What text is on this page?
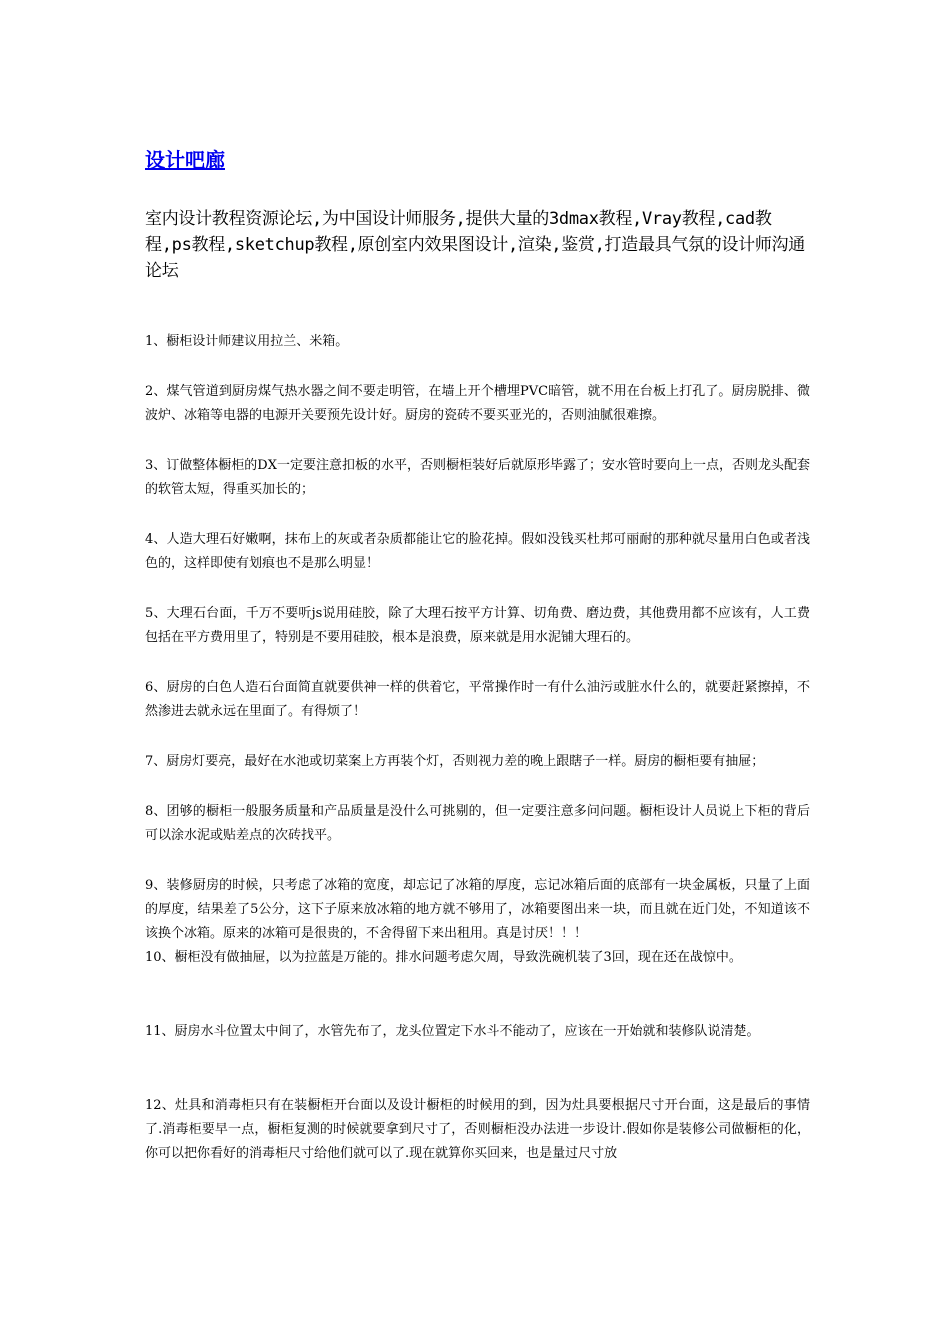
设计吧廊
室内设计教程资源论坛,为中国设计师服务,提供大量的3dmax教程,Vray教程,cad教程,ps教程,sketchup教程,原创室内效果图设计,渲染,鉴赏,打造最具气氛的设计师沟通论坛

1、橱柜设计师建议用拉兰、米箱。

2、煤气管道到厨房煤气热水器之间不要走明管，在墙上开个槽埋PVC暗管，就不用在台板上打孔了。厨房脱排、微波炉、冰箱等电器的电源开关要预先设计好。厨房的瓷砖不要买亚光的，否则油腻很难擦。

3、订做整体橱柜的DX一定要注意扣板的水平，否则橱柜装好后就原形毕露了；安水管时要向上一点，否则龙头配套的软管太短，得重买加长的；

4、人造大理石好嫩啊，抹布上的灰或者杂质都能让它的脸花掉。假如没钱买杜邦可丽耐的那种就尽量用白色或者浅色的，这样即使有划痕也不是那么明显！

5、大理石台面，千万不要听js说用硅胶，除了大理石按平方计算、切角费、磨边费，其他费用都不应该有，人工费包括在平方费用里了，特别是不要用硅胶，根本是浪费，原来就是用水泥铺大理石的。

6、厨房的白色人造石台面简直就要供神一样的供着它，平常操作时一有什么油污或脏水什么的，就要赶紧擦掉，不然渗进去就永远在里面了。有得烦了！

7、厨房灯要亮，最好在水池或切菜案上方再装个灯，否则视力差的晚上跟瞎子一样。厨房的橱柜要有抽屉；

8、团够的橱柜一般服务质量和产品质量是没什么可挑剔的，但一定要注意多问问题。橱柜设计人员说上下柜的背后可以涂水泥或贴差点的次砖找平。

9、装修厨房的时候，只考虑了冰箱的宽度，却忘记了冰箱的厚度，忘记冰箱后面的底部有一块金属板，只量了上面的厚度，结果差了5公分，这下子原来放冰箱的地方就不够用了，冰箱要图出来一块，而且就在近门处，不知道该不该换个冰箱。原来的冰箱可是很贵的，不舍得留下来出租用。真是讨厌！！！

10、橱柜没有做抽屉，以为拉蓝是万能的。排水问题考虑欠周，导致洗碗机装了3回，现在还在战惊中。

11、厨房水斗位置太中间了，水管先布了，龙头位置定下水斗不能动了，应该在一开始就和装修队说清楚。

12、灶具和消毒柜只有在装橱柜开台面以及设计橱柜的时候用的到，因为灶具要根据尺寸开台面，这是最后的事情了.消毒柜要早一点，橱柜复测的时候就要拿到尺寸了，否则橱柜没办法进一步设计.假如你是装修公司做橱柜的化，你可以把你看好的消毒柜尺寸给他们就可以了.现在就算你买回来，也是量过尺寸放
